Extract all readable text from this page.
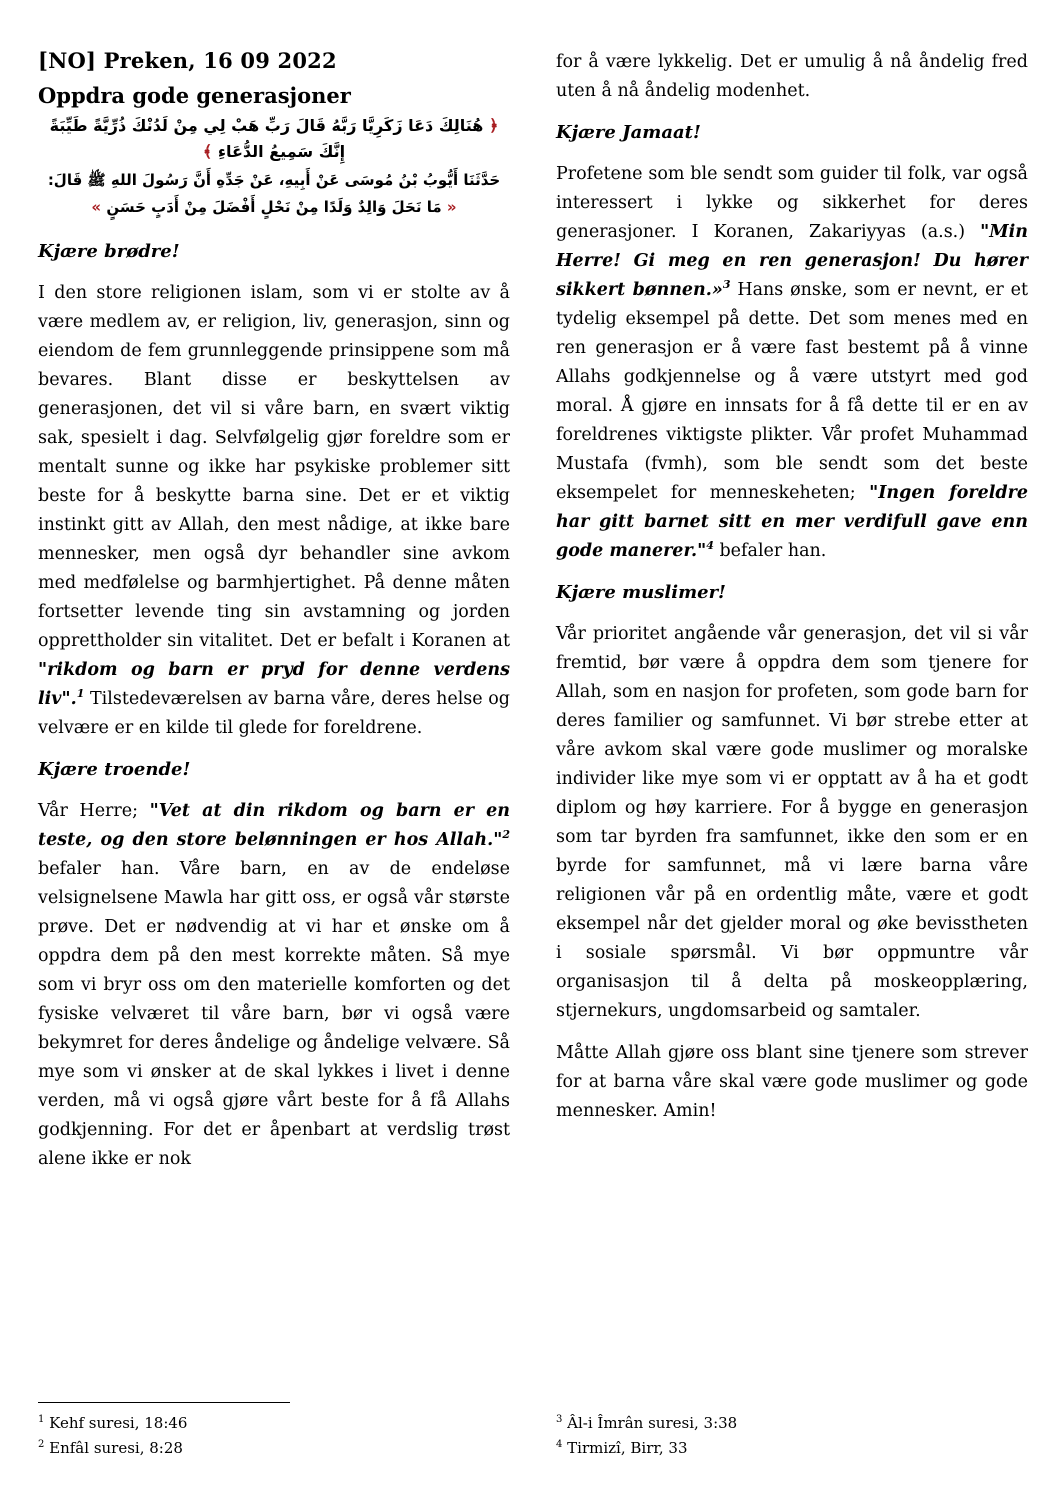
[NO] Preken, 16 09 2022
Oppdra gode generasjoner
﴿ هُنَالِكَ دَعَا زَكَرِيَّا رَبَّهُ قَالَ رَبِّ هَبْ لِي مِنْ لَدُنْكَ ذُرِّيَّةً طَيِّبَةً إِنَّكَ سَمِيعُ الدُّعَاءِ ﴾
حَدَّثَنَا أَيُّوبُ بْنُ مُوسَى عَنْ أَبِيهِ، عَنْ جَدِّهِ أَنَّ رَسُولَ اللهِ ﷺ قَالَ:
« مَا نَحَلَ وَالِدٌ وَلَدًا مِنْ نَحْلٍ أَفْضَلَ مِنْ أَدَبٍ حَسَنٍ »
Kjære brødre!

I den store religionen islam, som vi er stolte av å være medlem av, er religion, liv, generasjon, sinn og eiendom de fem grunnleggende prinsippene som må bevares. Blant disse er beskyttelsen av generasjonen, det vil si våre barn, en svært viktig sak, spesielt i dag. Selvfølgelig gjør foreldre som er mentalt sunne og ikke har psykiske problemer sitt beste for å beskytte barna sine. Det er et viktig instinkt gitt av Allah, den mest nådige, at ikke bare mennesker, men også dyr behandler sine avkom med medfølelse og barmhjertighet. På denne måten fortsetter levende ting sin avstamning og jorden opprettholder sin vitalitet. Det er befalt i Koranen at "rikdom og barn er pryd for denne verdens liv".$^1$ Tilstedeværelsen av barna våre, deres helse og velvære er en kilde til glede for foreldrene.

Kjære troende!

Vår Herre; "Vet at din rikdom og barn er en teste, og den store belønningen er hos Allah."$^2$ befaler han. Våre barn, en av de endeløse velsignelsene Mawla har gitt oss, er også vår største prøve. Det er nødvendig at vi har et ønske om å oppdra dem på den mest korrekte måten. Så mye som vi bryr oss om den materielle komforten og det fysiske velværet til våre barn, bør vi også være bekymret for deres åndelige og åndelige velvære. Så mye som vi ønsker at de skal lykkes i livet i denne verden, må vi også gjøre vårt beste for å få Allahs godkjenning. For det er åpenbart at verdslig trøst alene ikke er nok

$^1$ Kehf suresi, 18:46
$^2$ Enfâl suresi, 8:28

for å være lykkelig. Det er umulig å nå åndelig fred uten å nå åndelig modenhet.

Kjære Jamaat!

Profetene som ble sendt som guider til folk, var også interessert i lykke og sikkerhet for deres generasjoner. I Koranen, Zakariyyas (a.s.) "Min Herre! Gi meg en ren generasjon! Du hører sikkert bønnen.»$^3$ Hans ønske, som er nevnt, er et tydelig eksempel på dette. Det som menes med en ren generasjon er å være fast bestemt på å vinne Allahs godkjennelse og å være utstyrt med god moral. Å gjøre en innsats for å få dette til er en av foreldrenes viktigste plikter. Vår profet Muhammad Mustafa (fvmh), som ble sendt som det beste eksempelet for menneskeheten; "Ingen foreldre har gitt barnet sitt en mer verdifull gave enn gode manerer."$^4$ befaler han.

Kjære muslimer!

Vår prioritet angående vår generasjon, det vil si vår fremtid, bør være å oppdra dem som tjenere for Allah, som en nasjon for profeten, som gode barn for deres familier og samfunnet. Vi bør strebe etter at våre avkom skal være gode muslimer og moralske individer like mye som vi er opptatt av å ha et godt diplom og høy karriere. For å bygge en generasjon som tar byrden fra samfunnet, ikke den som er en byrde for samfunnet, må vi lære barna våre religionen vår på en ordentlig måte, være et godt eksempel når det gjelder moral og øke bevisstheten i sosiale spørsmål. Vi bør oppmuntre vår organisasjon til å delta på moskeopplæring, stjernekurs, ungdomsarbeid og samtaler.

Måtte Allah gjøre oss blant sine tjenere som strever for at barna våre skal være gode muslimer og gode mennesker. Amin!

$^3$ Âl-i Îmrân suresi, 3:38
$^4$ Tirmizî, Birr, 33
